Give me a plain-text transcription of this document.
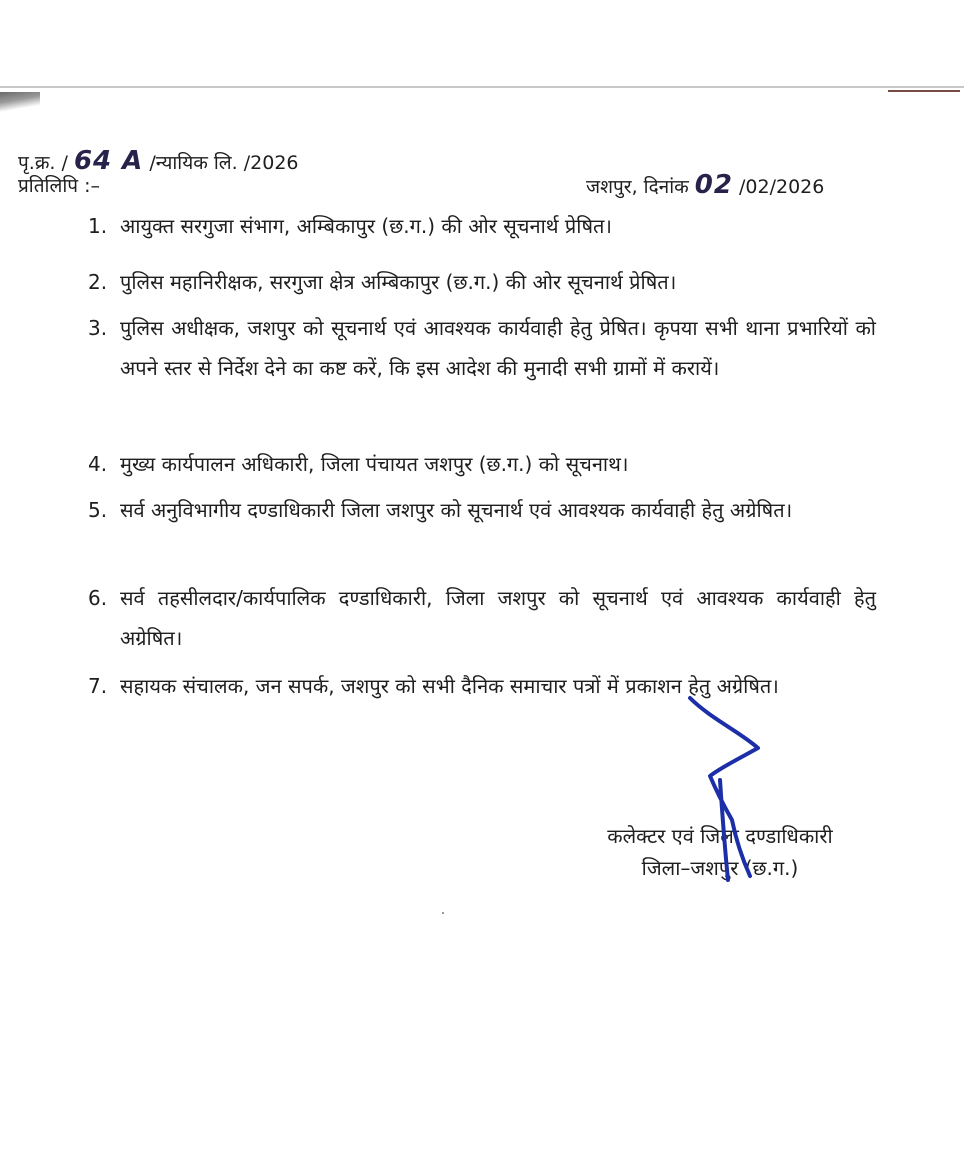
पृ.क्र. / 64 A /न्यायिक लि. /2026
प्रतिलिपि :–	जशपुर, दिनांक 02 /02/2026
1. आयुक्त सरगुजा संभाग, अम्बिकापुर (छ.ग.) की ओर सूचनार्थ प्रेषित।
2. पुलिस महानिरीक्षक, सरगुजा क्षेत्र अम्बिकापुर (छ.ग.) की ओर सूचनार्थ प्रेषित।
3. पुलिस अधीक्षक, जशपुर को सूचनार्थ एवं आवश्यक कार्यवाही हेतु प्रेषित। कृपया सभी थाना प्रभारियों को अपने स्तर से निर्देश देने का कष्ट करें, कि इस आदेश की मुनादी सभी ग्रामों में करायें।
4. मुख्य कार्यपालन अधिकारी, जिला पंचायत जशपुर (छ.ग.) को सूचनाथ।
5. सर्व अनुविभागीय दण्डाधिकारी जिला जशपुर को सूचनार्थ एवं आवश्यक कार्यवाही हेतु अग्रेषित।
6. सर्व तहसीलदार/कार्यपालिक दण्डाधिकारी, जिला जशपुर को सूचनार्थ एवं आवश्यक कार्यवाही हेतु अग्रेषित।
7. सहायक संचालक, जन सपर्क, जशपुर को सभी दैनिक समाचार पत्रों में प्रकाशन हेतु अग्रेषित।
कलेक्टर एवं जिला दण्डाधिकारी
जिला–जशपुर (छ.ग.)
